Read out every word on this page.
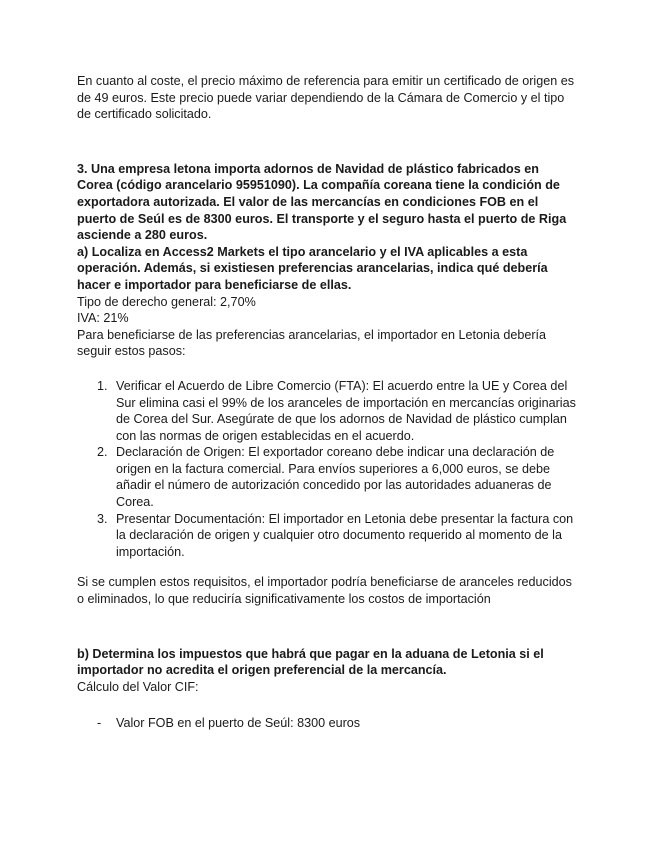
En cuanto al coste, el precio máximo de referencia para emitir un certificado de origen es de 49 euros. Este precio puede variar dependiendo de la Cámara de Comercio y el tipo de certificado solicitado.

3. Una empresa letona importa adornos de Navidad de plástico fabricados en Corea (código arancelario 95951090). La compañía coreana tiene la condición de exportadora autorizada. El valor de las mercancías en condiciones FOB en el puerto de Seúl es de 8300 euros. El transporte y el seguro hasta el puerto de Riga asciende a 280 euros.

a) Localiza en Access2 Markets el tipo arancelario y el IVA aplicables a esta operación. Además, si existiesen preferencias arancelarias, indica qué debería hacer e importador para beneficiarse de ellas.

Tipo de derecho general: 2,70%

IVA: 21%

Para beneficiarse de las preferencias arancelarias, el importador en Letonia debería seguir estos pasos:

1. Verificar el Acuerdo de Libre Comercio (FTA): El acuerdo entre la UE y Corea del Sur elimina casi el 99% de los aranceles de importación en mercancías originarias de Corea del Sur. Asegúrate de que los adornos de Navidad de plástico cumplan con las normas de origen establecidas en el acuerdo.
2. Declaración de Origen: El exportador coreano debe indicar una declaración de origen en la factura comercial. Para envíos superiores a 6,000 euros, se debe añadir el número de autorización concedido por las autoridades aduaneras de Corea.
3. Presentar Documentación: El importador en Letonia debe presentar la factura con la declaración de origen y cualquier otro documento requerido al momento de la importación.

Si se cumplen estos requisitos, el importador podría beneficiarse de aranceles reducidos o eliminados, lo que reduciría significativamente los costos de importación

b) Determina los impuestos que habrá que pagar en la aduana de Letonia si el importador no acredita el origen preferencial de la mercancía.

Cálculo del Valor CIF:

- Valor FOB en el puerto de Seúl: 8300 euros
